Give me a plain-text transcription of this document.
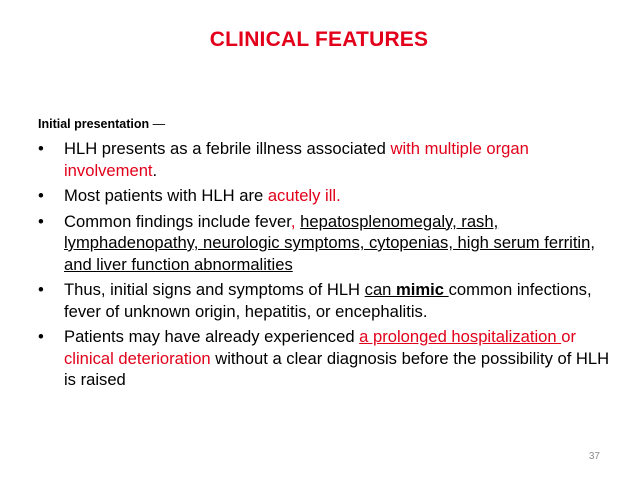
CLINICAL FEATURES
Initial presentation —
• HLH presents as a febrile illness associated with multiple organ involvement.
• Most patients with HLH are acutely ill.
• Common findings include fever, hepatosplenomegaly, rash, lymphadenopathy, neurologic symptoms, cytopenias, high serum ferritin, and liver function abnormalities
• Thus, initial signs and symptoms of HLH can mimic common infections, fever of unknown origin, hepatitis, or encephalitis.
• Patients may have already experienced a prolonged hospitalization or clinical deterioration without a clear diagnosis before the possibility of HLH is raised
37
